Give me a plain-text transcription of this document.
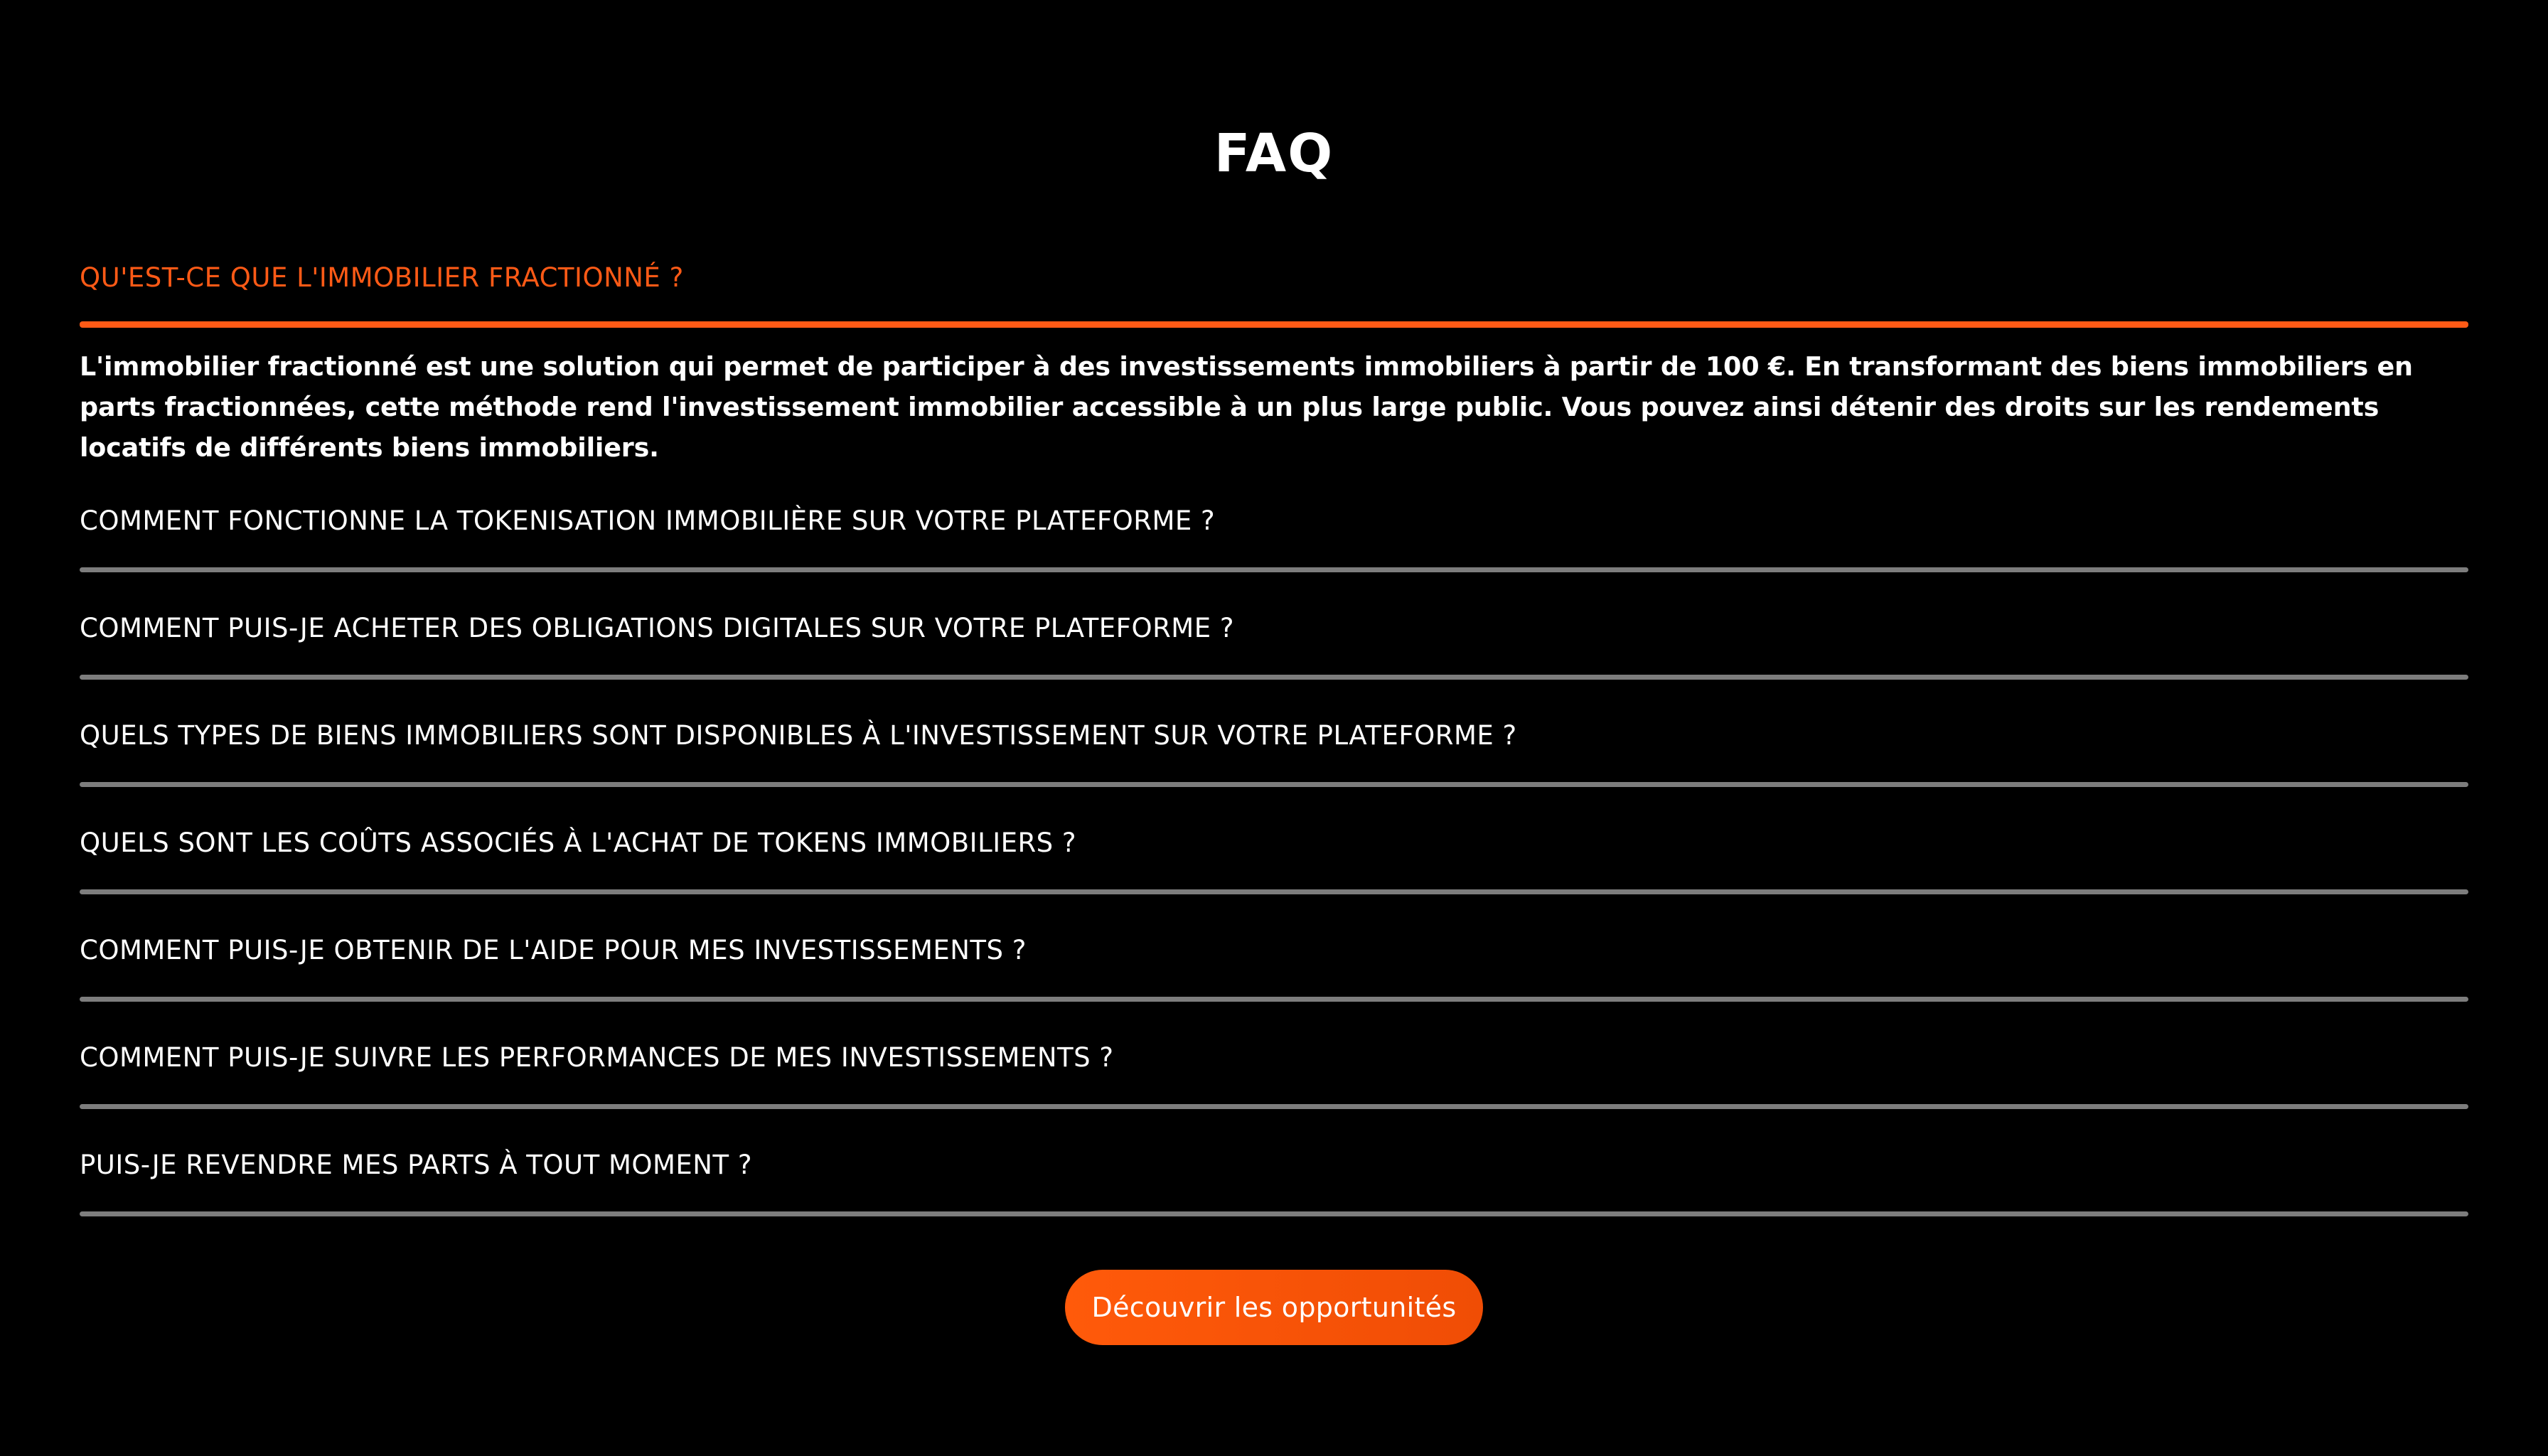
FAQ
QU'EST-CE QUE L'IMMOBILIER FRACTIONNÉ ?
L'immobilier fractionné est une solution qui permet de participer à des investissements immobiliers à partir de 100 €. En transformant des biens immobiliers en parts fractionnées, cette méthode rend l'investissement immobilier accessible à un plus large public. Vous pouvez ainsi détenir des droits sur les rendements locatifs de différents biens immobiliers.
COMMENT FONCTIONNE LA TOKENISATION IMMOBILIÈRE SUR VOTRE PLATEFORME ?
COMMENT PUIS-JE ACHETER DES OBLIGATIONS DIGITALES SUR VOTRE PLATEFORME ?
QUELS TYPES DE BIENS IMMOBILIERS SONT DISPONIBLES À L'INVESTISSEMENT SUR VOTRE PLATEFORME ?
QUELS SONT LES COÛTS ASSOCIÉS À L'ACHAT DE TOKENS IMMOBILIERS ?
COMMENT PUIS-JE OBTENIR DE L'AIDE POUR MES INVESTISSEMENTS ?
COMMENT PUIS-JE SUIVRE LES PERFORMANCES DE MES INVESTISSEMENTS ?
PUIS-JE REVENDRE MES PARTS À TOUT MOMENT ?
Découvrir les opportunités
